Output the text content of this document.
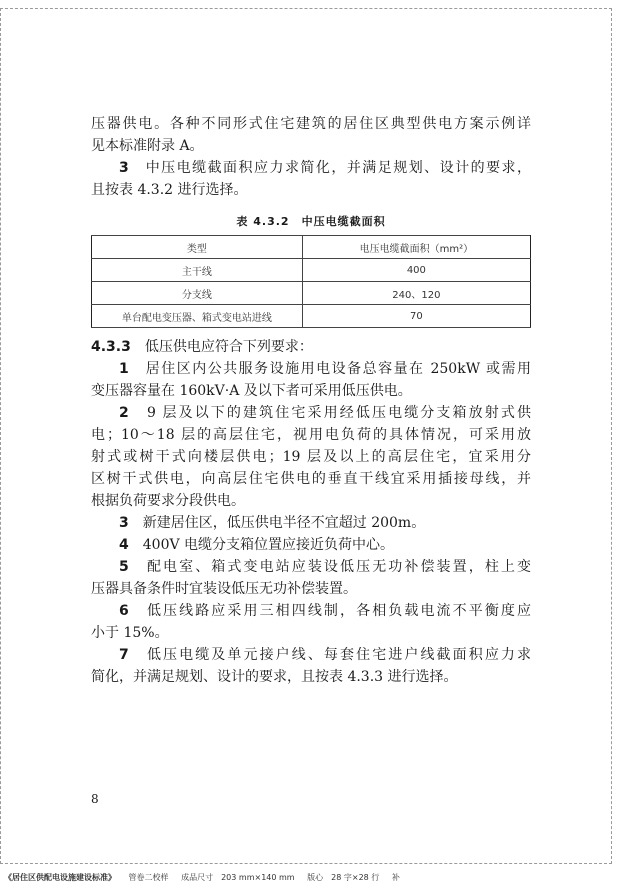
压器供电。各种不同形式住宅建筑的居住区典型供电方案示例详

见本标准附录 A。

3　 中压电缆截面积应力求简化，并满足规划、设计的要求，

且按表 4.3.2 进行选择。

表 4.3.2　中压电缆截面积
类型	电压电缆截面积（mm²）
主干线	400
分支线	240、120
单台配电变压器、箱式变电站进线	70

4.3.3　 低压供电应符合下列要求：

1　 居住区内公共服务设施用电设备总容量在 250kW 或需用

变压器容量在 160kV·A 及以下者可采用低压供电。

2　 9 层及以下的建筑住宅采用经低压电缆分支箱放射式供

电；10～18 层的高层住宅，视用电负荷的具体情况，可采用放

射式或树干式向楼层供电；19 层及以上的高层住宅，宜采用分

区树干式供电，向高层住宅供电的垂直干线宜采用插接母线，并

根据负荷要求分段供电。

3　 新建居住区，低压供电半径不宜超过 200m。

4　 400V 电缆分支箱位置应接近负荷中心。

5　 配电室、箱式变电站应装设低压无功补偿装置，柱上变

压器具备条件时宜装设低压无功补偿装置。

6　 低压线路应采用三相四线制，各相负载电流不平衡度应

小于 15%。

7　 低压电缆及单元接户线、每套住宅进户线截面积应力求

简化，并满足规划、设计的要求，且按表 4.3.3 进行选择。

8
《居住区供配电设施建设标准》 管卷二校样 成品尺寸　203 mm×140 mm 版心　28 字×28 行 补
